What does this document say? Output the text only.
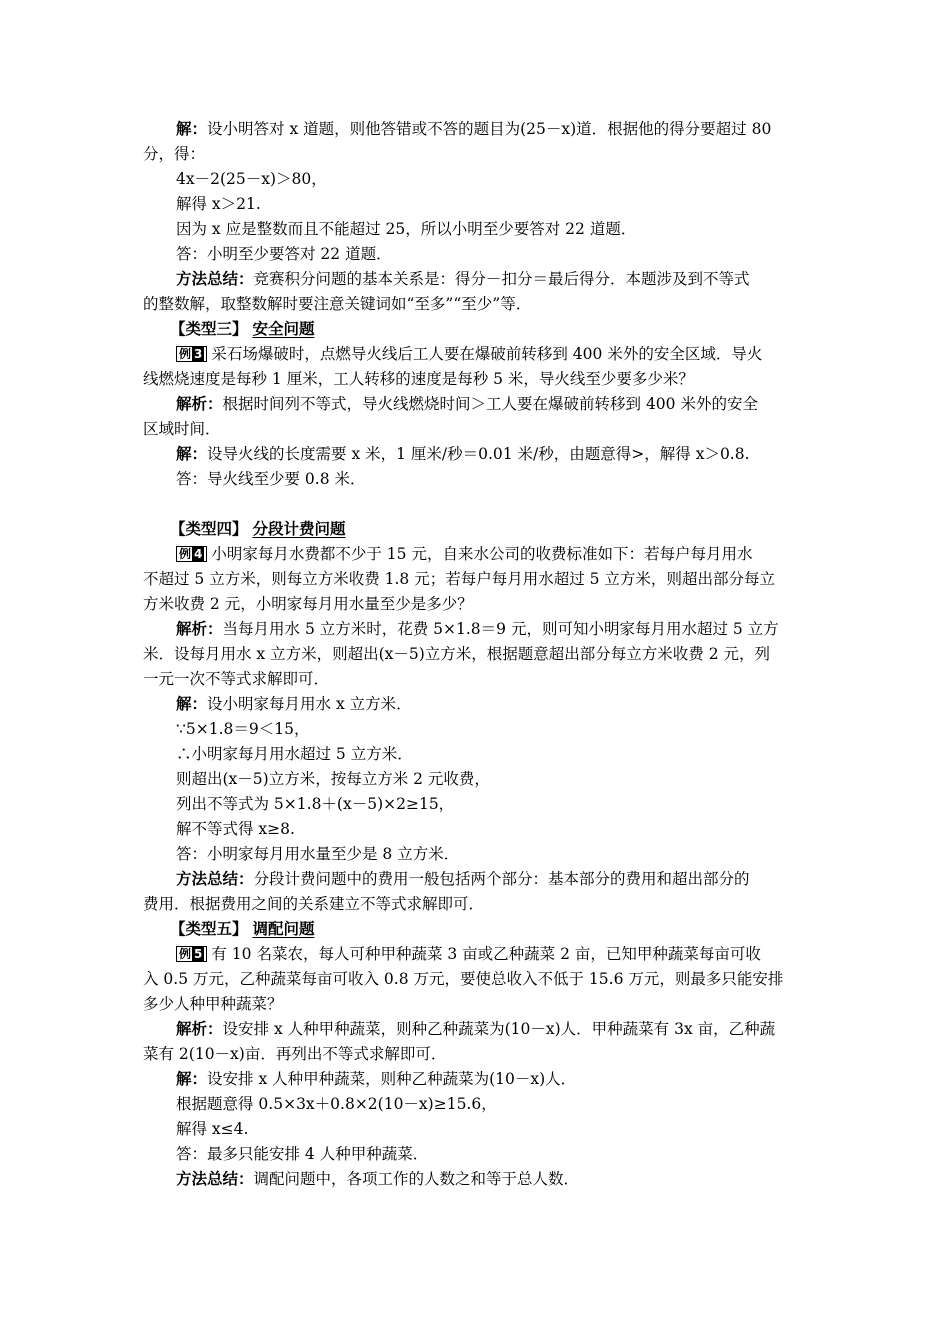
解：设小明答对 x 道题，则他答错或不答的题目为(25－x)道．根据他的得分要超过 80
分，得：
4x－2(25－x)＞80，
解得 x＞21.
因为 x 应是整数而且不能超过 25，所以小明至少要答对 22 道题．
答：小明至少要答对 22 道题．
方法总结：竞赛积分问题的基本关系是：得分－扣分＝最后得分．本题涉及到不等式
的整数解，取整数解时要注意关键词如“至多”“至少”等．
【类型三】 安全问题
例 3 采石场爆破时，点燃导火线后工人要在爆破前转移到 400 米外的安全区域．导火
线燃烧速度是每秒 1 厘米，工人转移的速度是每秒 5 米，导火线至少要多少米？
解析：根据时间列不等式，导火线燃烧时间＞工人要在爆破前转移到 400 米外的安全
区域时间．
解：设导火线的长度需要 x 米，1 厘米/秒＝0.01 米/秒，由题意得>，解得 x＞0.8.
答：导火线至少要 0.8 米．
【类型四】 分段计费问题
例 4 小明家每月水费都不少于 15 元，自来水公司的收费标准如下：若每户每月用水
不超过 5 立方米，则每立方米收费 1.8 元；若每户每月用水超过 5 立方米，则超出部分每立
方米收费 2 元，小明家每月用水量至少是多少？
解析：当每月用水 5 立方米时，花费 5×1.8＝9 元，则可知小明家每月用水超过 5 立方
米．设每月用水 x 立方米，则超出(x－5)立方米，根据题意超出部分每立方米收费 2 元，列
一元一次不等式求解即可．
解：设小明家每月用水 x 立方米．
∵5×1.8＝9＜15，
∴小明家每月用水超过 5 立方米．
则超出(x－5)立方米，按每立方米 2 元收费，
列出不等式为 5×1.8＋(x－5)×2≥15，
解不等式得 x≥8.
答：小明家每月用水量至少是 8 立方米．
方法总结：分段计费问题中的费用一般包括两个部分：基本部分的费用和超出部分的
费用．根据费用之间的关系建立不等式求解即可．
【类型五】 调配问题
例 5 有 10 名菜农，每人可种甲种蔬菜 3 亩或乙种蔬菜 2 亩，已知甲种蔬菜每亩可收
入 0.5 万元，乙种蔬菜每亩可收入 0.8 万元，要使总收入不低于 15.6 万元，则最多只能安排
多少人种甲种蔬菜？
解析：设安排 x 人种甲种蔬菜，则种乙种蔬菜为(10－x)人．甲种蔬菜有 3x 亩，乙种蔬
菜有 2(10－x)亩．再列出不等式求解即可．
解：设安排 x 人种甲种蔬菜，则种乙种蔬菜为(10－x)人．
根据题意得 0.5×3x＋0.8×2(10－x)≥15.6，
解得 x≤4.
答：最多只能安排 4 人种甲种蔬菜．
方法总结：调配问题中，各项工作的人数之和等于总人数．
